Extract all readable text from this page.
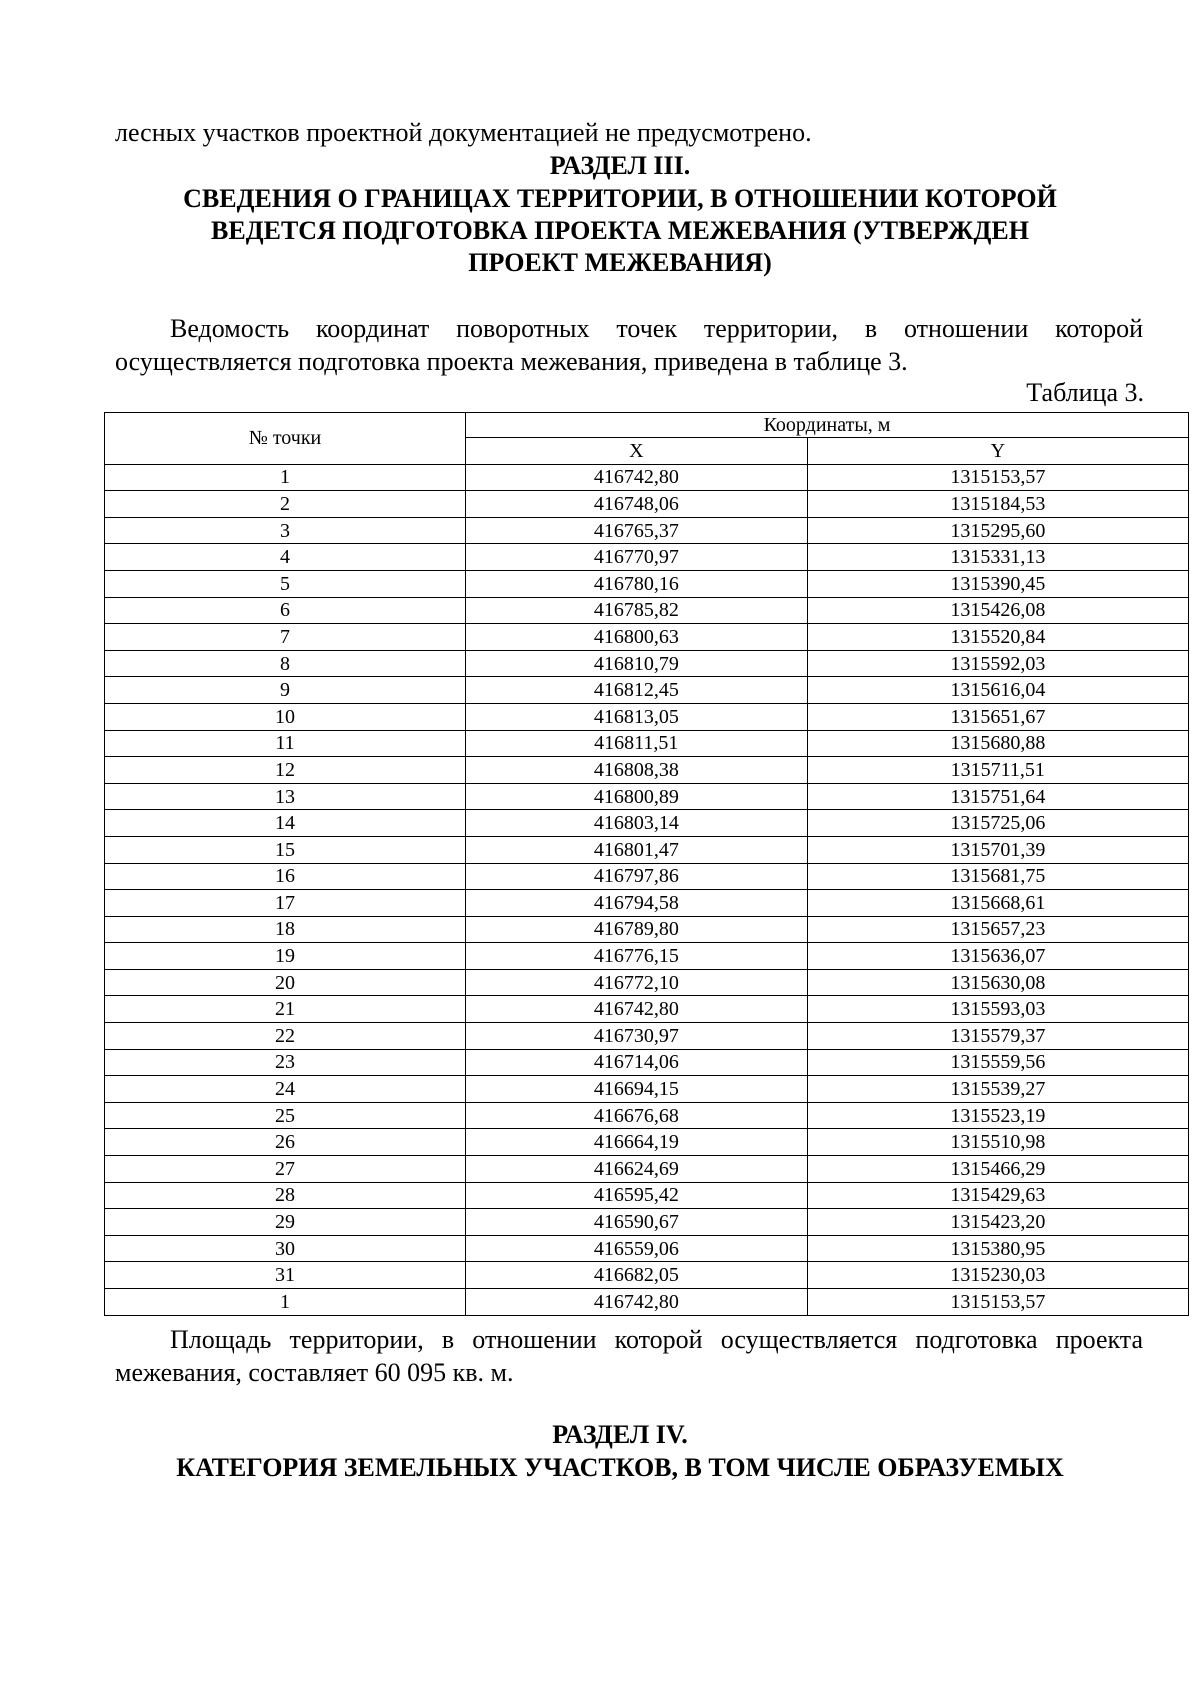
лесных участков проектной документацией не предусмотрено.
РАЗДЕЛ III.
СВЕДЕНИЯ О ГРАНИЦАХ ТЕРРИТОРИИ, В ОТНОШЕНИИ КОТОРОЙ
ВЕДЕТСЯ ПОДГОТОВКА ПРОЕКТА МЕЖЕВАНИЯ (УТВЕРЖДЕН
ПРОЕКТ МЕЖЕВАНИЯ)
Ведомость координат поворотных точек территории, в отношении которой осуществляется подготовка проекта межевания, приведена в таблице 3.
Таблица 3.
№ точки	Координаты, м	
	X	Y
1	416742,80	1315153,57
2	416748,06	1315184,53
3	416765,37	1315295,60
4	416770,97	1315331,13
5	416780,16	1315390,45
6	416785,82	1315426,08
7	416800,63	1315520,84
8	416810,79	1315592,03
9	416812,45	1315616,04
10	416813,05	1315651,67
11	416811,51	1315680,88
12	416808,38	1315711,51
13	416800,89	1315751,64
14	416803,14	1315725,06
15	416801,47	1315701,39
16	416797,86	1315681,75
17	416794,58	1315668,61
18	416789,80	1315657,23
19	416776,15	1315636,07
20	416772,10	1315630,08
21	416742,80	1315593,03
22	416730,97	1315579,37
23	416714,06	1315559,56
24	416694,15	1315539,27
25	416676,68	1315523,19
26	416664,19	1315510,98
27	416624,69	1315466,29
28	416595,42	1315429,63
29	416590,67	1315423,20
30	416559,06	1315380,95
31	416682,05	1315230,03
1	416742,80	1315153,57
Площадь территории, в отношении которой осуществляется подготовка проекта межевания, составляет 60 095 кв. м.
РАЗДЕЛ IV.
КАТЕГОРИЯ ЗЕМЕЛЬНЫХ УЧАСТКОВ, В ТОМ ЧИСЛЕ ОБРАЗУЕМЫХ
